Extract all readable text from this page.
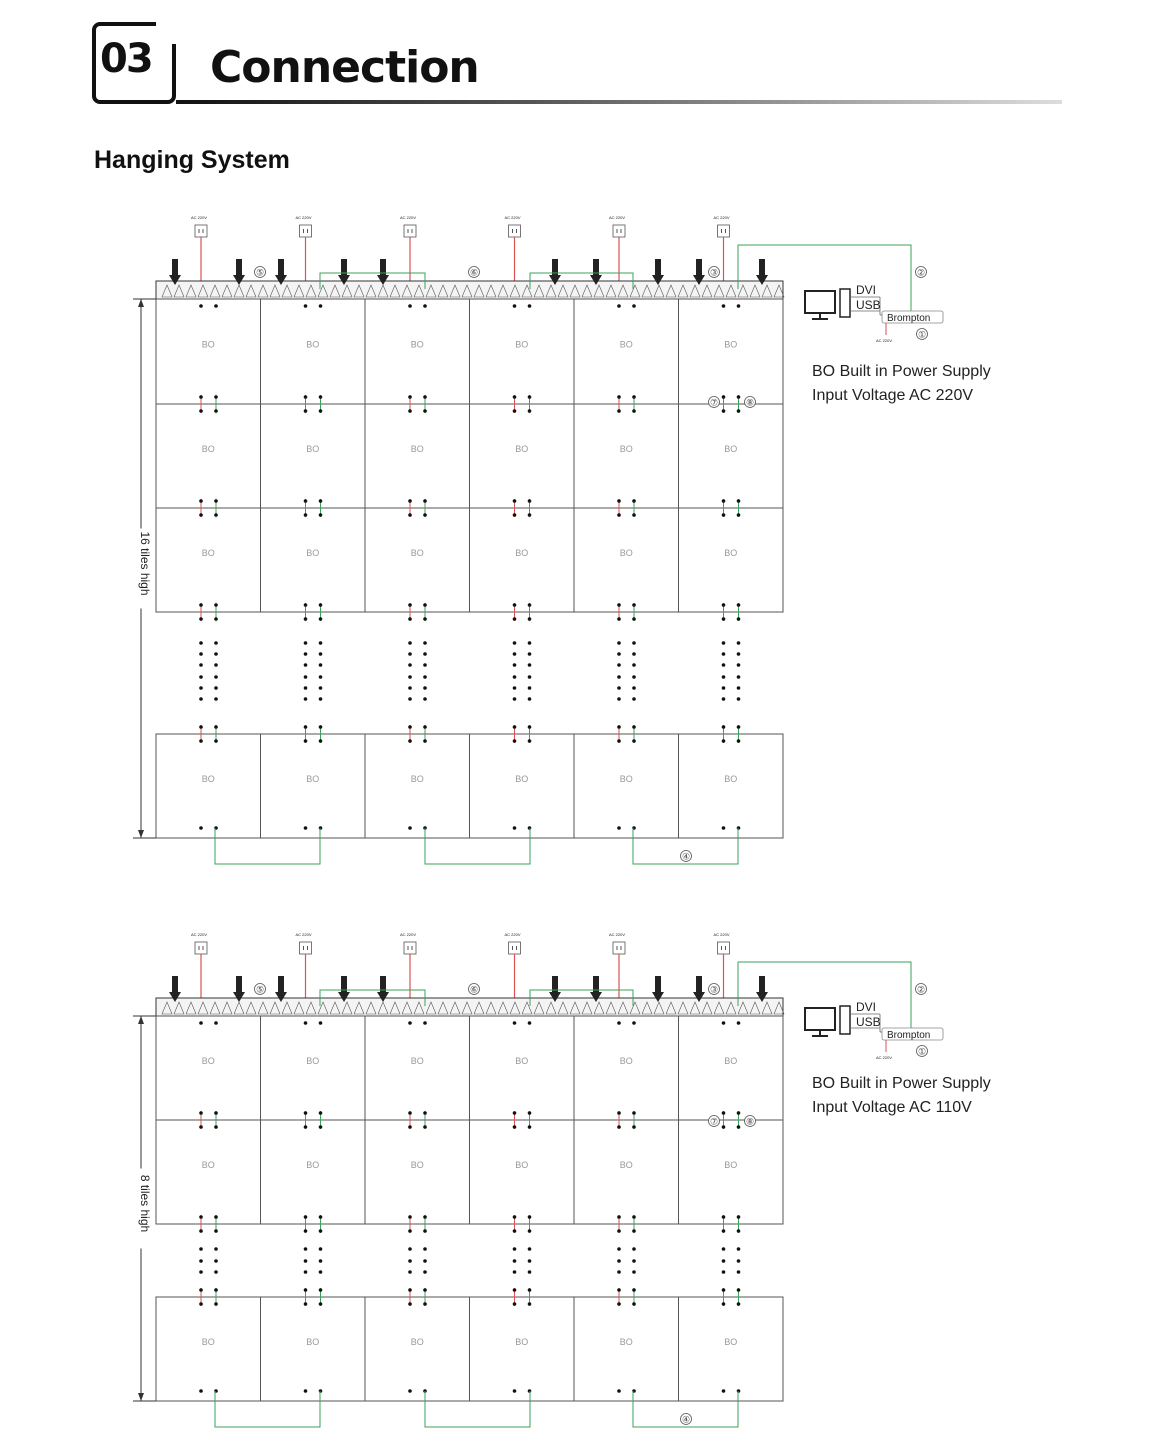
03 Connection
Hanging System
AC 220V	AC 220V	AC 220V	AC 220V	AC 220V	AC 220V
⑤	⑥	③	②
DVI
USB
Brompton
AC 220V
①
BO Built in Power Supply
Input Voltage AC 220V
BO	BO	BO	BO	BO	BO
BO	BO	BO	BO	BO	BO
BO	BO	BO	BO	BO	BO
BO	BO	BO	BO	BO	BO
④
⑦	⑧
16 tiles high
AC 220V	AC 220V	AC 220V	AC 220V	AC 220V	AC 220V
⑤	⑥	③	②
DVI
USB
Brompton
AC 220V
①
BO Built in Power Supply
Input Voltage AC 110V
BO	BO	BO	BO	BO	BO
BO	BO	BO	BO	BO	BO
BO	BO	BO	BO	BO	BO
④
⑦	⑧
8 tiles high
